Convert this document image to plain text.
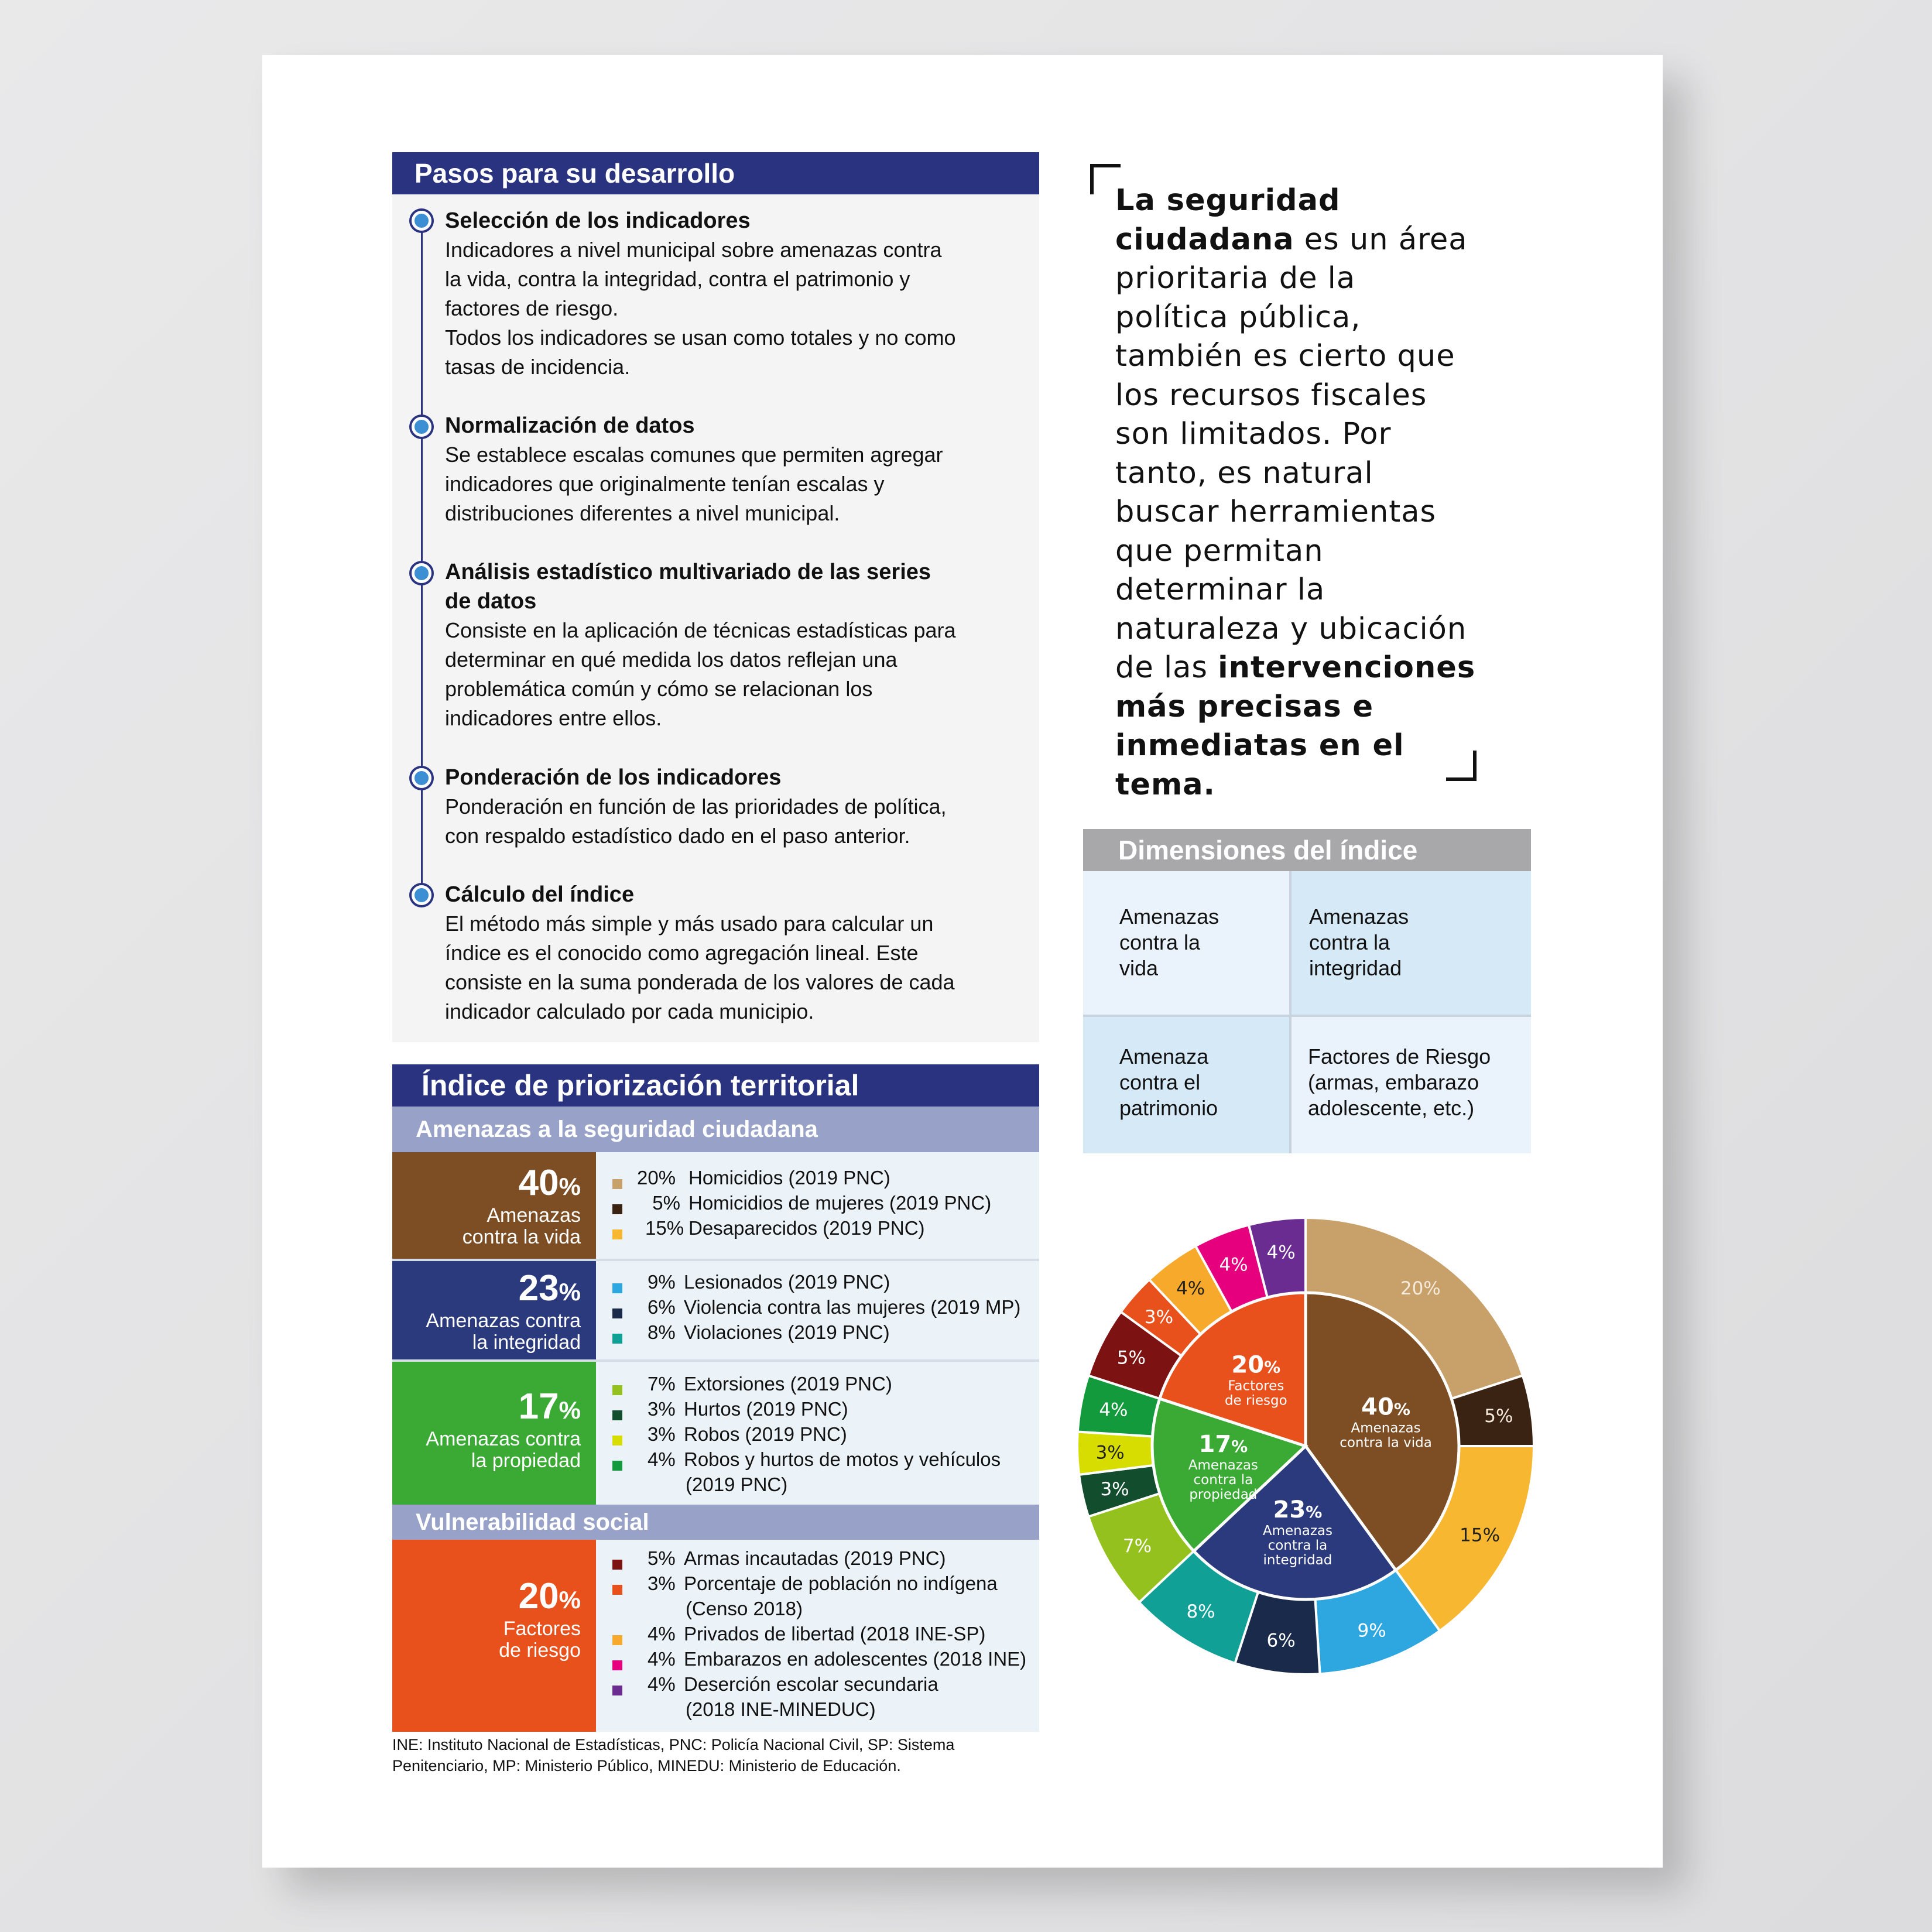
Pasos para su desarrollo
Selección de los indicadores
Indicadores a nivel municipal sobre amenazas contra
la vida, contra la integridad, contra el patrimonio y
factores de riesgo.
Todos los indicadores se usan como totales y no como
tasas de incidencia.
Normalización de datos
Se establece escalas comunes que permiten agregar
indicadores que originalmente tenían escalas y
distribuciones diferentes a nivel municipal.
Análisis estadístico multivariado de las series
de datos
Consiste en la aplicación de técnicas estadísticas para
determinar en qué medida los datos reflejan una
problemática común y cómo se relacionan los
indicadores entre ellos.
Ponderación de los indicadores
Ponderación en función de las prioridades de política,
con respaldo estadístico dado en el paso anterior.
Cálculo del índice
El método más simple y más usado para calcular un
índice es el conocido como agregación lineal. Este
consiste en la suma ponderada de los valores de cada
indicador calculado por cada municipio.
La seguridad
ciudadana es un área
prioritaria de la
política pública,
también es cierto que
los recursos fiscales
son limitados. Por
tanto, es natural
buscar herramientas
que permitan
determinar la
naturaleza y ubicación
de las intervenciones
más precisas e
inmediatas en el tema.
Dimensiones del índice
Amenazas
contra la
vida
Amenazas
contra la
integridad
Amenaza
contra el
patrimonio
Factores de Riesgo
(armas, embarazo
adolescente, etc.)
Índice de priorización territorial
Amenazas a la seguridad ciudadana
40%
Amenazas
contra la vida
20% Homicidios (2019 PNC)
5% Homicidios de mujeres (2019 PNC)
15% Desaparecidos (2019 PNC)
23%
Amenazas contra
la integridad
9% Lesionados (2019 PNC)
6% Violencia contra las mujeres (2019 MP)
8% Violaciones (2019 PNC)
17%
Amenazas contra
la propiedad
7% Extorsiones (2019 PNC)
3% Hurtos (2019 PNC)
3% Robos (2019 PNC)
4% Robos y hurtos de motos y vehículos
(2019 PNC)
Vulnerabilidad social
20%
Factores
de riesgo
5% Armas incautadas (2019 PNC)
3% Porcentaje de población no indígena
(Censo 2018)
4% Privados de libertad (2018 INE-SP)
4% Embarazos en adolescentes (2018 INE)
4% Deserción escolar secundaria
(2018 INE-MINEDUC)
INE: Instituto Nacional de Estadísticas, PNC: Policía Nacional Civil, SP: Sistema
Penitenciario, MP: Ministerio Público, MINEDU: Ministerio de Educación.
20%
5%
15%
9%
6%
8%
7%
3%
3%
4%
5%
3%
4%
4%
4%
40%
Amenazas
contra la vida
23%
Amenazas
contra la
integridad
17%
Amenazas
contra la
propiedad
20%
Factores
de riesgo
